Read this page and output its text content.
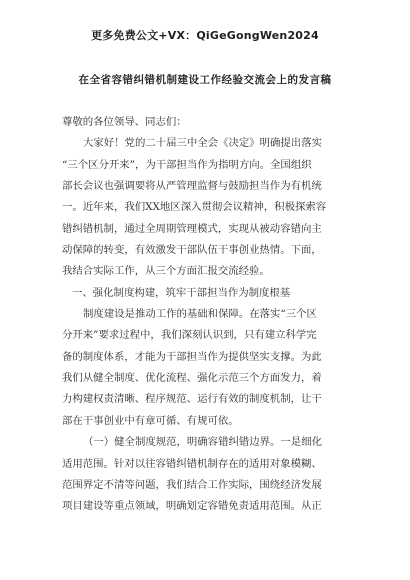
更多免费公文+VX：QiGeGongWen2024
在全省容错纠错机制建设工作经验交流会上的发言稿
尊敬的各位领导、同志们：
大家好！党的二十届三中全会《决定》明确提出落实
“三个区分开来”，为干部担当作为指明方向。全国组织
部长会议也强调要将从严管理监督与鼓励担当作为有机统
一。近年来，我们XX地区深入贯彻会议精神，积极探索容
错纠错机制，通过全周期管理模式，实现从被动容错向主
动保障的转变，有效激发干部队伍干事创业热情。下面，
我结合实际工作，从三个方面汇报交流经验。
一、强化制度构建，筑牢干部担当作为制度根基
制度建设是推动工作的基础和保障。在落实“三个区
分开来”要求过程中，我们深刻认识到，只有建立科学完
备的制度体系，才能为干部担当作为提供坚实支撑。为此
我们从健全制度、优化流程、强化示范三个方面发力，着
力构建权责清晰、程序规范、运行有效的制度机制，让干
部在干事创业中有章可循、有规可依。
（一）健全制度规范，明确容错纠错边界。一是细化
适用范围。针对以往容错纠错机制存在的适用对象模糊、
范围界定不清等问题，我们结合工作实际，围绕经济发展
项目建设等重点领域，明确划定容错免责适用范围。从正
